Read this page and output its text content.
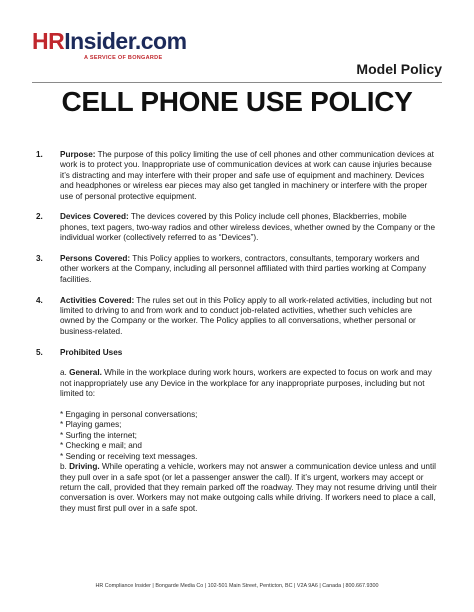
HRInsider.com
A SERVICE OF BONGARDE
Model Policy
CELL PHONE USE POLICY
1. Purpose: The purpose of this policy limiting the use of cell phones and other communication devices at work is to protect you. Inappropriate use of communication devices at work can cause injuries because it’s distracting and may interfere with their proper and safe use of equipment and machinery. Devices and headphones or wireless ear pieces may also get tangled in machinery or interfere with the proper use of personal protective equipment.
2. Devices Covered: The devices covered by this Policy include cell phones, Blackberries, mobile phones, text pagers, two-way radios and other wireless devices, whether owned by the Company or the individual worker (collectively referred to as “Devices”).
3. Persons Covered: This Policy applies to workers, contractors, consultants, temporary workers and other workers at the Company, including all personnel affiliated with third parties working at Company facilities.
4. Activities Covered: The rules set out in this Policy apply to all work-related activities, including but not limited to driving to and from work and to conduct job-related activities, whether such vehicles are owned by the Company or the worker. The Policy applies to all conversations, whether personal or business-related.
5. Prohibited Uses

a. General. While in the workplace during work hours, workers are expected to focus on work and may not inappropriately use any Device in the workplace for any inappropriate purposes, including but not limited to:

* Engaging in personal conversations;
* Playing games;
* Surfing the internet;
* Checking e mail; and
* Sending or receiving text messages.

b. Driving. While operating a vehicle, workers may not answer a communication device unless and until they pull over in a safe spot (or let a passenger answer the call). If it’s urgent, workers may accept or return the call, provided that they remain parked off the roadway. They may not resume driving until their conversation is over. Workers may not make outgoing calls while driving. If workers need to place a call, they must first pull over in a safe spot.

HR Compliance Insider | Bongarde Media Co | 102-501 Main Street, Penticton, BC | V2A 9A6 | Canada | 800.667.9300
